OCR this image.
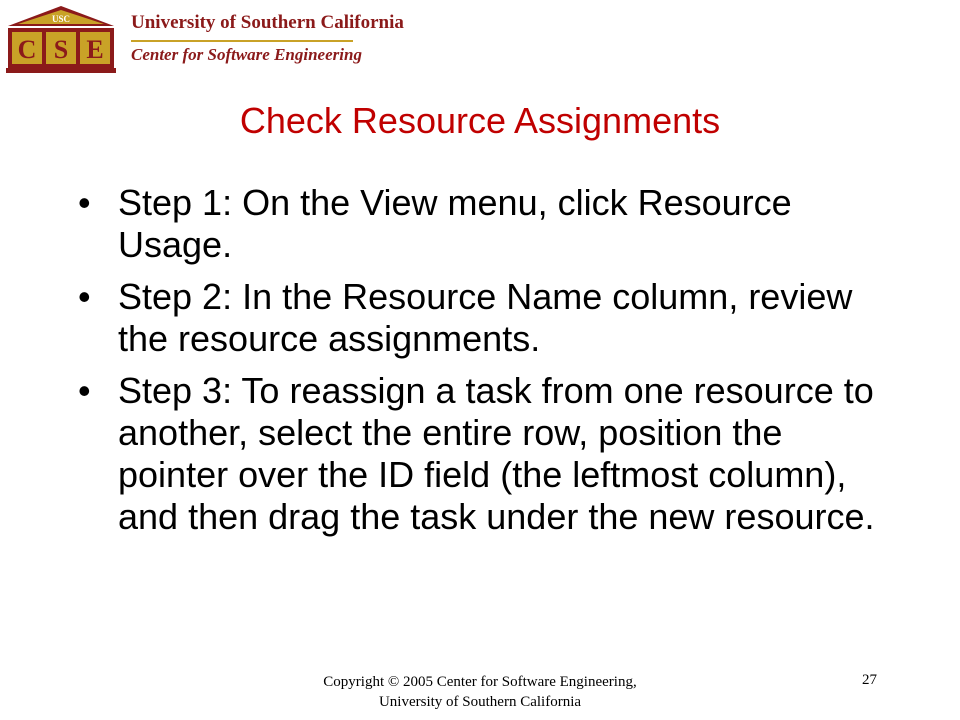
USC
C S E
University of Southern California
Center for Software Engineering
Check Resource Assignments
• Step 1: On the View menu, click Resource Usage.
• Step 2: In the Resource Name column, review the resource assignments.
• Step 3: To reassign a task from one resource to another, select the entire row, position the pointer over the ID field (the leftmost column), and then drag the task under the new resource.
Copyright © 2005 Center for Software Engineering,
University of Southern California
27
